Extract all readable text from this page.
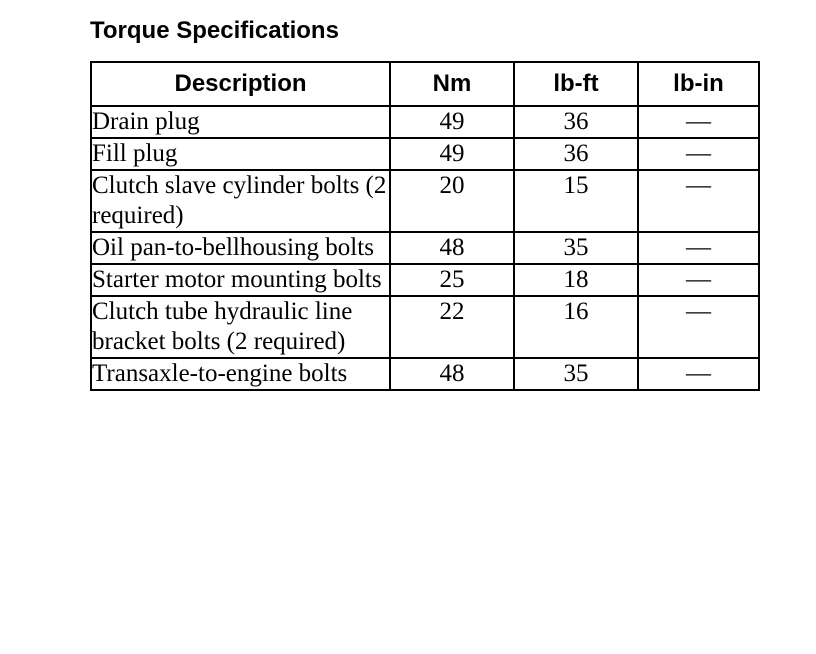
Torque Specifications
Description	Nm	lb-ft	lb-in
Drain plug	49	36	—
Fill plug	49	36	—
Clutch slave cylinder bolts (2 required)	20	15	—
Oil pan-to-bellhousing bolts	48	35	—
Starter motor mounting bolts	25	18	—
Clutch tube hydraulic line bracket bolts (2 required)	22	16	—
Transaxle-to-engine bolts	48	35	—
